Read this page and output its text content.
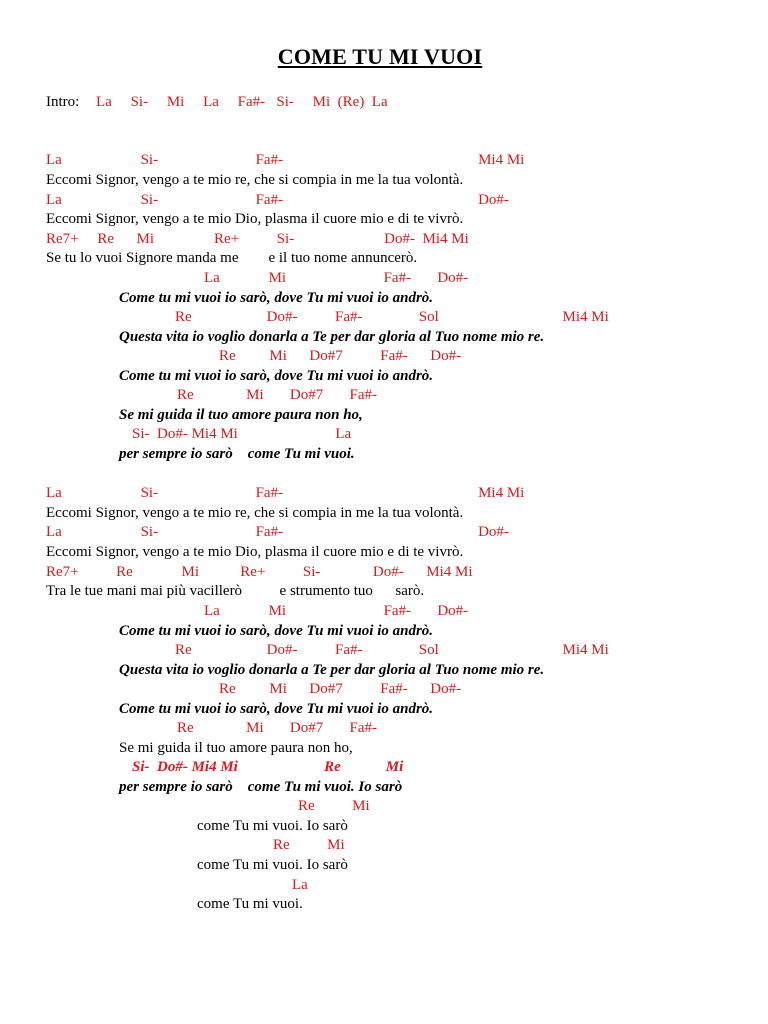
COME TU MI VUOI
Intro: La     Si-     Mi     La     Fa#-   Si-     Mi  (Re)  La
La                     Si-                          Fa#-                                                    Mi4 Mi
Eccomi Signor, vengo a te mio re, che si compia in me la tua volontà.
La                     Si-                          Fa#-                                                    Do#-
Eccomi Signor, vengo a te mio Dio, plasma il cuore mio e di te vivrò.
Re7+     Re      Mi                Re+          Si-                        Do#-  Mi4 Mi
Se tu lo vuoi Signore manda me        e il tuo nome annuncerò.
La             Mi                          Fa#-       Do#-
Come tu mi vuoi io sarò, dove Tu mi vuoi io andrò.
Re                    Do#-          Fa#-               Sol                                 Mi4 Mi
Questa vita io voglio donarla a Te per dar gloria al Tuo nome mio re.
Re         Mi      Do#7          Fa#-      Do#-
Come tu mi vuoi io sarò, dove Tu mi vuoi io andrò.
Re              Mi       Do#7       Fa#-
Se mi guida il tuo amore paura non ho,
Si-  Do#- Mi4 Mi                          La
per sempre io sarò    come Tu mi vuoi.
La                     Si-                          Fa#-                                                    Mi4 Mi
Eccomi Signor, vengo a te mio re, che si compia in me la tua volontà.
La                     Si-                          Fa#-                                                    Do#-
Eccomi Signor, vengo a te mio Dio, plasma il cuore mio e di te vivrò.
Re7+          Re             Mi           Re+          Si-              Do#-      Mi4 Mi
Tra le tue mani mai più vacillerò          e strumento tuo      sarò.
La             Mi                          Fa#-       Do#-
Come tu mi vuoi io sarò, dove Tu mi vuoi io andrò.
Re                    Do#-          Fa#-               Sol                                 Mi4 Mi
Questa vita io voglio donarla a Te per dar gloria al Tuo nome mio re.
Re         Mi      Do#7          Fa#-      Do#-
Come tu mi vuoi io sarò, dove Tu mi vuoi io andrò.
Re              Mi       Do#7       Fa#-
Se mi guida il tuo amore paura non ho,
Si-  Do#- Mi4 Mi                       Re            Mi
per sempre io sarò    come Tu mi vuoi. Io sarò
Re          Mi
come Tu mi vuoi. Io sarò
Re          Mi
come Tu mi vuoi. Io sarò
La
come Tu mi vuoi.
